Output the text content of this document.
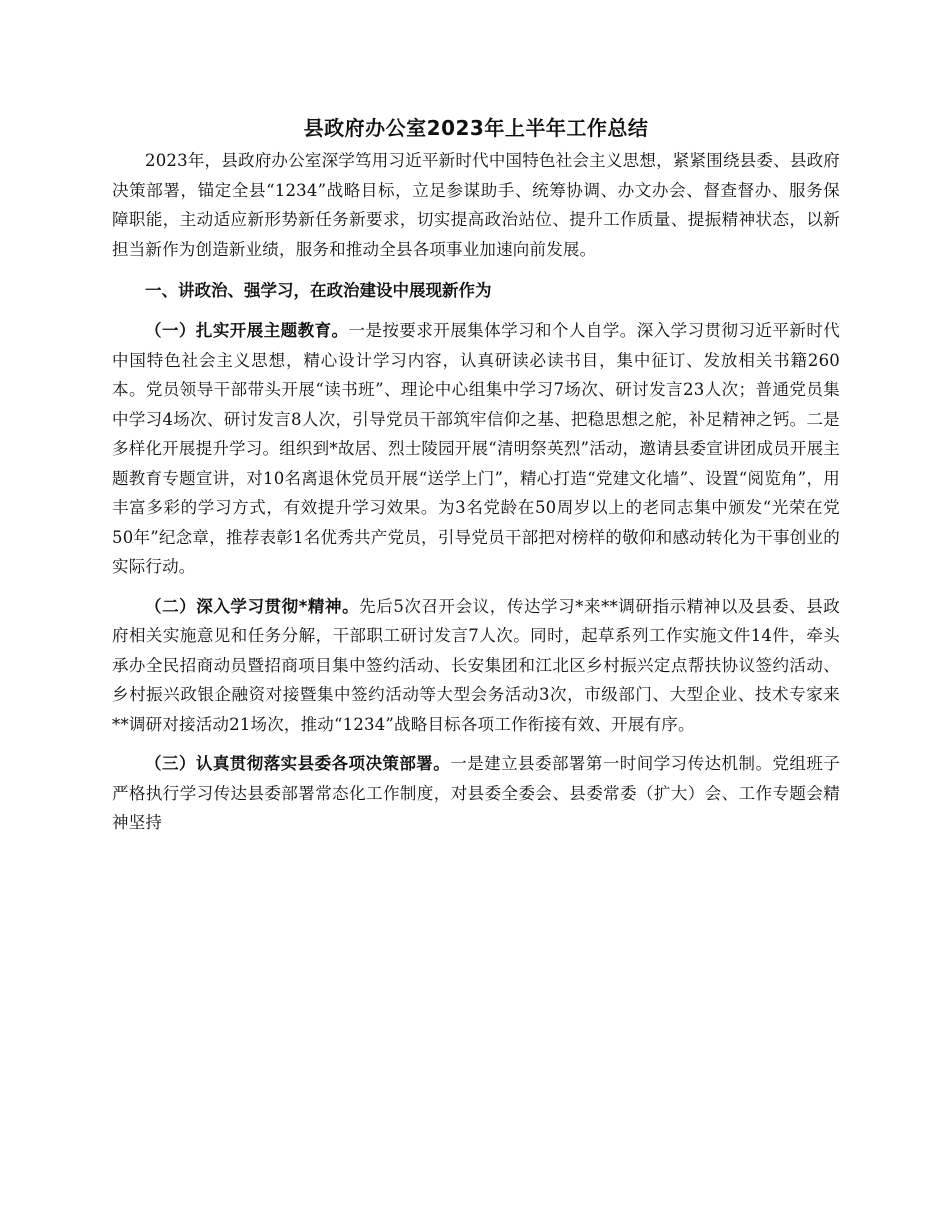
县政府办公室2023年上半年工作总结

2023年，县政府办公室深学笃用习近平新时代中国特色社会主义思想，紧紧围绕县委、县政府决策部署，锚定全县“1234”战略目标，立足参谋助手、统筹协调、办文办会、督查督办、服务保障职能，主动适应新形势新任务新要求，切实提高政治站位、提升工作质量、提振精神状态，以新担当新作为创造新业绩，服务和推动全县各项事业加速向前发展。

一、讲政治、强学习，在政治建设中展现新作为

（一）扎实开展主题教育。一是按要求开展集体学习和个人自学。深入学习贯彻习近平新时代中国特色社会主义思想，精心设计学习内容，认真研读必读书目，集中征订、发放相关书籍260本。党员领导干部带头开展“读书班”、理论中心组集中学习7场次、研讨发言23人次；普通党员集中学习4场次、研讨发言8人次，引导党员干部筑牢信仰之基、把稳思想之舵，补足精神之钙。二是多样化开展提升学习。组织到*故居、烈士陵园开展“清明祭英烈”活动，邀请县委宣讲团成员开展主题教育专题宣讲，对10名离退休党员开展“送学上门”，精心打造“党建文化墙”、设置“阅览角”，用丰富多彩的学习方式，有效提升学习效果。为3名党龄在50周岁以上的老同志集中颁发“光荣在党50年”纪念章，推荐表彰1名优秀共产党员，引导党员干部把对榜样的敬仰和感动转化为干事创业的实际行动。

（二）深入学习贯彻*精神。先后5次召开会议，传达学习*来**调研指示精神以及县委、县政府相关实施意见和任务分解，干部职工研讨发言7人次。同时，起草系列工作实施文件14件，牵头承办全民招商动员暨招商项目集中签约活动、长安集团和江北区乡村振兴定点帮扶协议签约活动、乡村振兴政银企融资对接暨集中签约活动等大型会务活动3次，市级部门、大型企业、技术专家来**调研对接活动21场次，推动“1234”战略目标各项工作衔接有效、开展有序。

（三）认真贯彻落实县委各项决策部署。一是建立县委部署第一时间学习传达机制。党组班子严格执行学习传达县委部署常态化工作制度，对县委全委会、县委常委（扩大）会、工作专题会精神坚持
